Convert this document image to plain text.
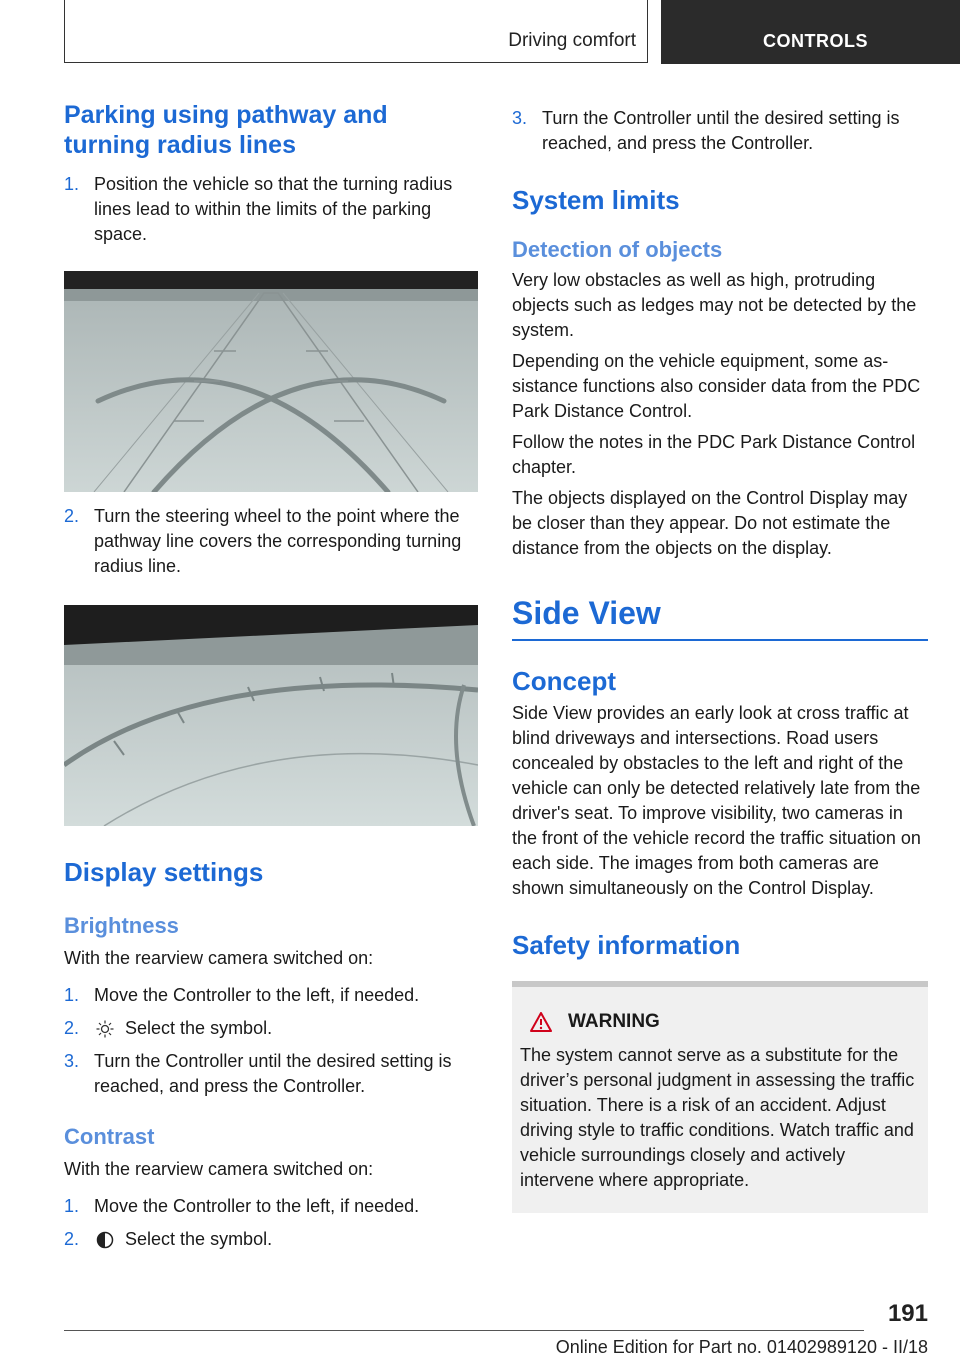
Driving comfort	CONTROLS
Parking using pathway and turning radius lines
1. Position the vehicle so that the turning radius lines lead to within the limits of the parking space.
2. Turn the steering wheel to the point where the pathway line covers the corresponding turning radius line.
Display settings
Brightness

With the rearview camera switched on:

1. Move the Controller to the left, if needed.
2.	Select the symbol.
3. Turn the Controller until the desired setting is reached, and press the Controller.
Contrast

With the rearview camera switched on:

1. Move the Controller to the left, if needed.
2.	Select the symbol.
3. Turn the Controller until the desired setting is reached, and press the Controller.
System limits
Detection of objects

Very low obstacles as well as high, protruding objects such as ledges may not be detected by the system.

Depending on the vehicle equipment, some assistance functions also consider data from the PDC Park Distance Control.

Follow the notes in the PDC Park Distance Control chapter.

The objects displayed on the Control Display may be closer than they appear. Do not estimate the distance from the objects on the display.

Side View
Concept

Side View provides an early look at cross traffic at blind driveways and intersections. Road users concealed by obstacles to the left and right of the vehicle can only be detected relatively late from the driver's seat. To improve visibility, two cameras in the front of the vehicle record the traffic situation on each side. The images from both cameras are shown simultaneously on the Control Display.

Safety information
WARNING

The system cannot serve as a substitute for the driver’s personal judgment in assessing the traffic situation. There is a risk of an accident. Adjust driving style to traffic conditions. Watch traffic and vehicle surroundings closely and actively intervene where appropriate.

191
Online Edition for Part no. 01402989120 - II/18
